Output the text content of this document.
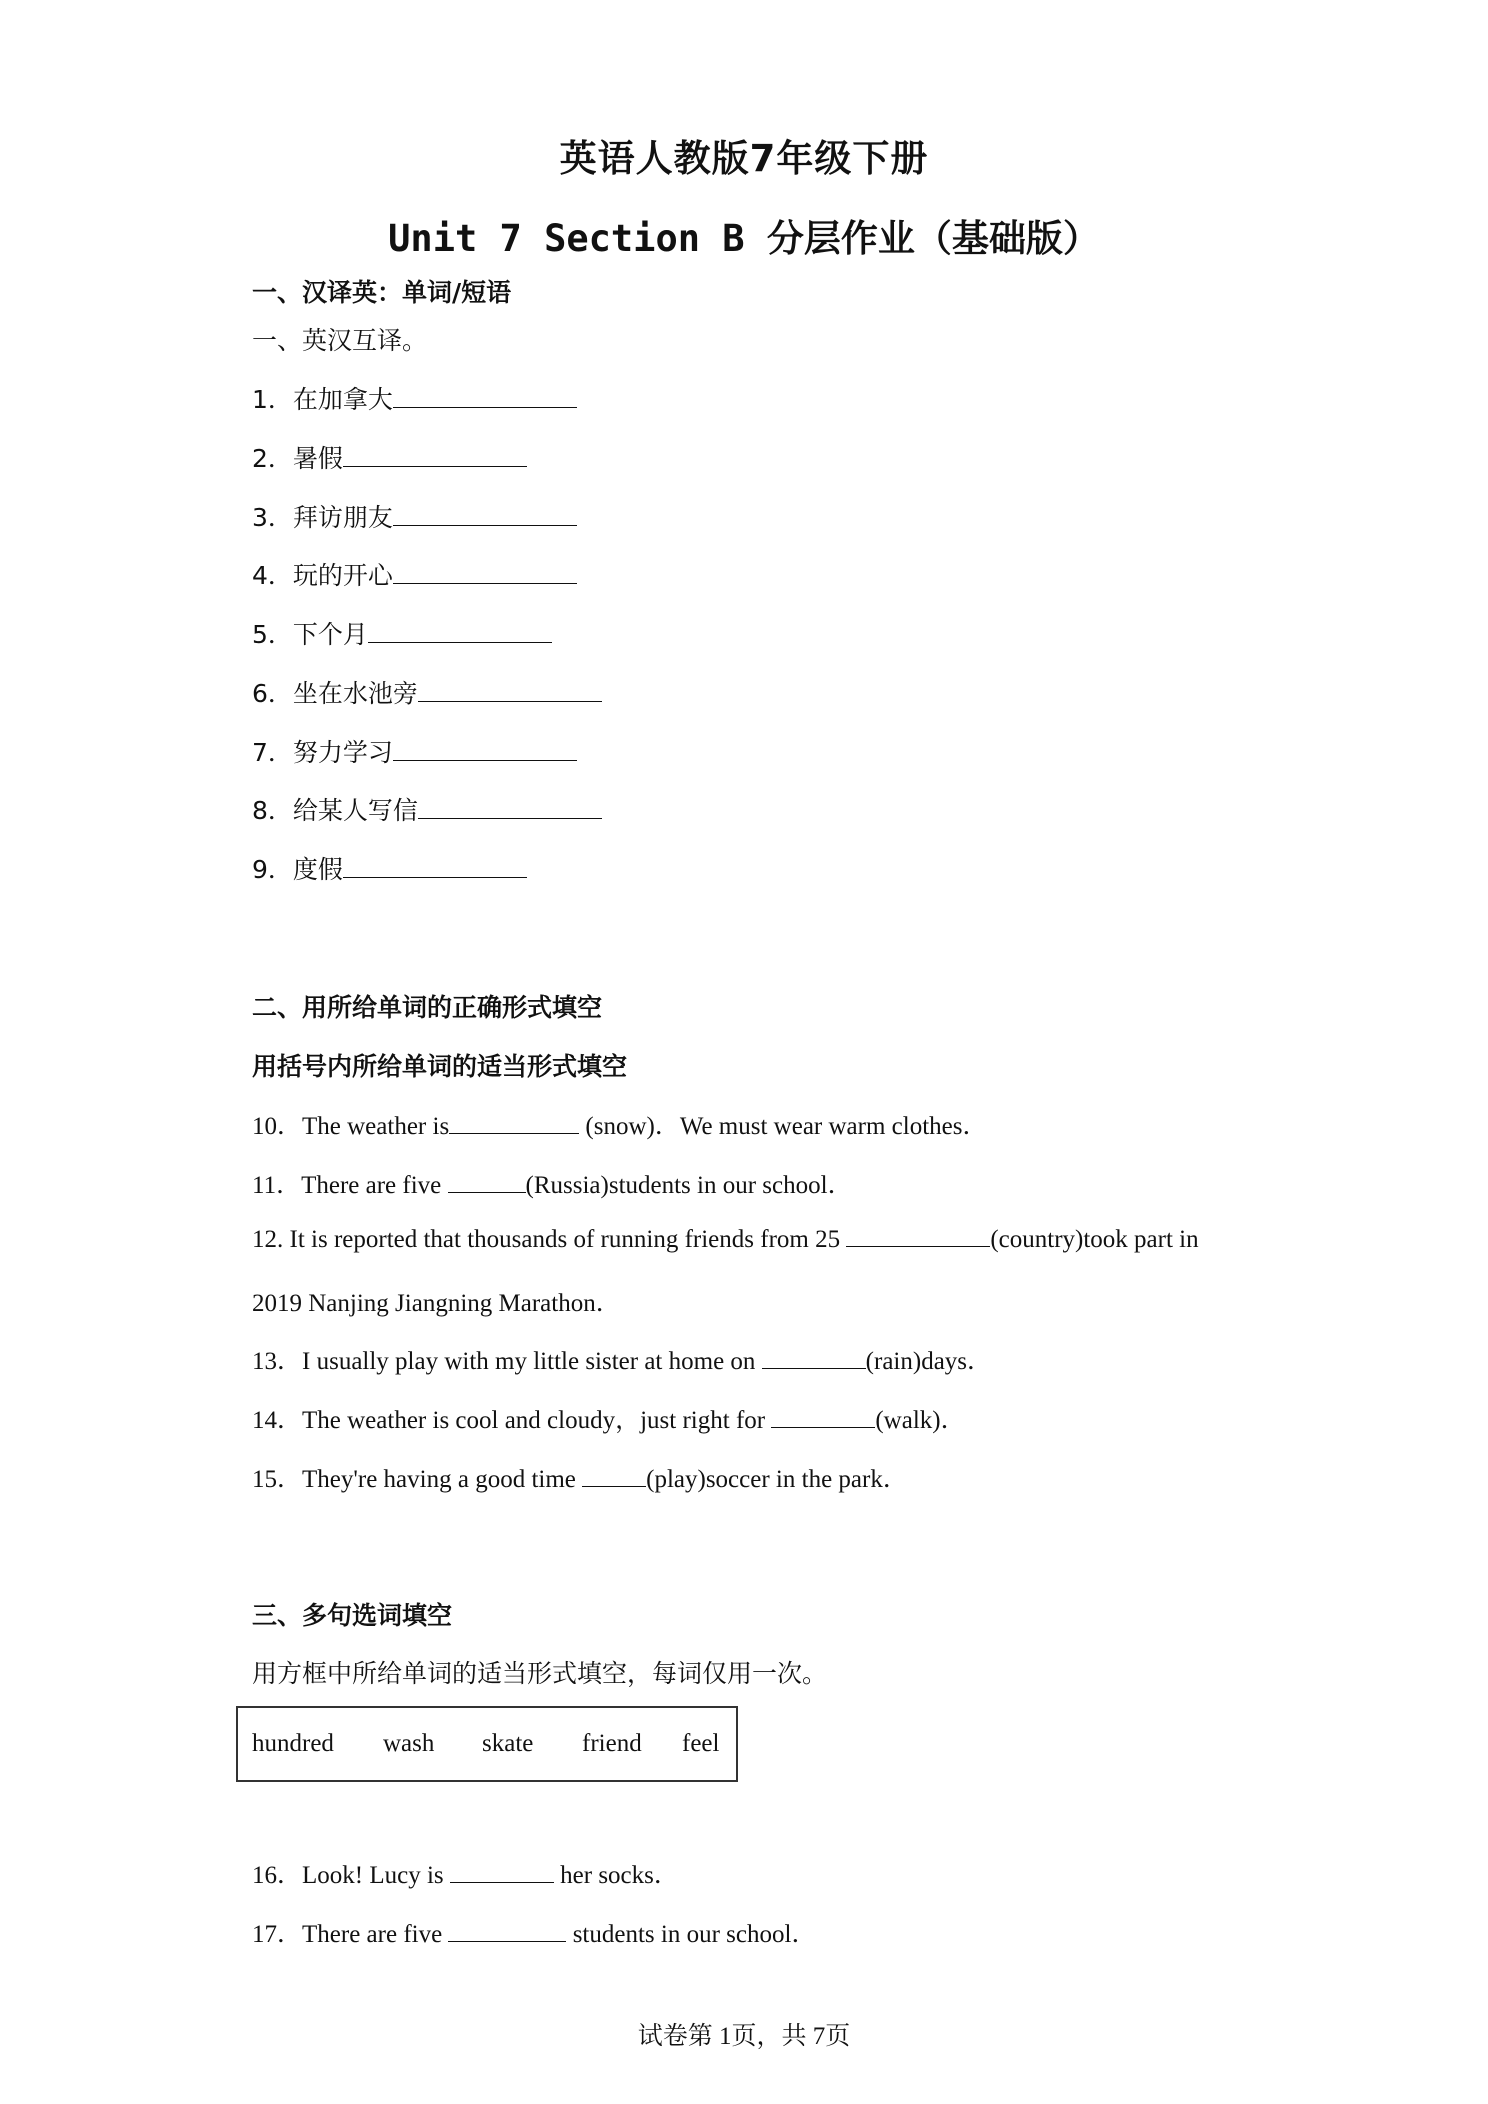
英语人教版7年级下册
Unit 7 Section B 分层作业（基础版）
一、汉译英：单词/短语
一、英汉互译。
1．在加拿大
2．暑假
3．拜访朋友
4．玩的开心
5．下个月
6．坐在水池旁
7．努力学习
8．给某人写信
9．度假
二、用所给单词的正确形式填空
用括号内所给单词的适当形式填空
10．The weather is	(snow)．We must wear warm clothes．
11．There are five	(Russia)students in our school．
12. It is reported that thousands of running friends from 25	(country)took part in
2019 Nanjing Jiangning Marathon．
13．I usually play with my little sister at home on	(rain)days．
14．The weather is cool and cloudy，just right for	(walk)．
15．They're having a good time	(play)soccer in the park．
三、多句选词填空
用方框中所给单词的适当形式填空，每词仅用一次。
hundred wash skate friend feel
16．Look! Lucy is	her socks．
17．There are five	students in our school．
试卷第 1页，共 7页
